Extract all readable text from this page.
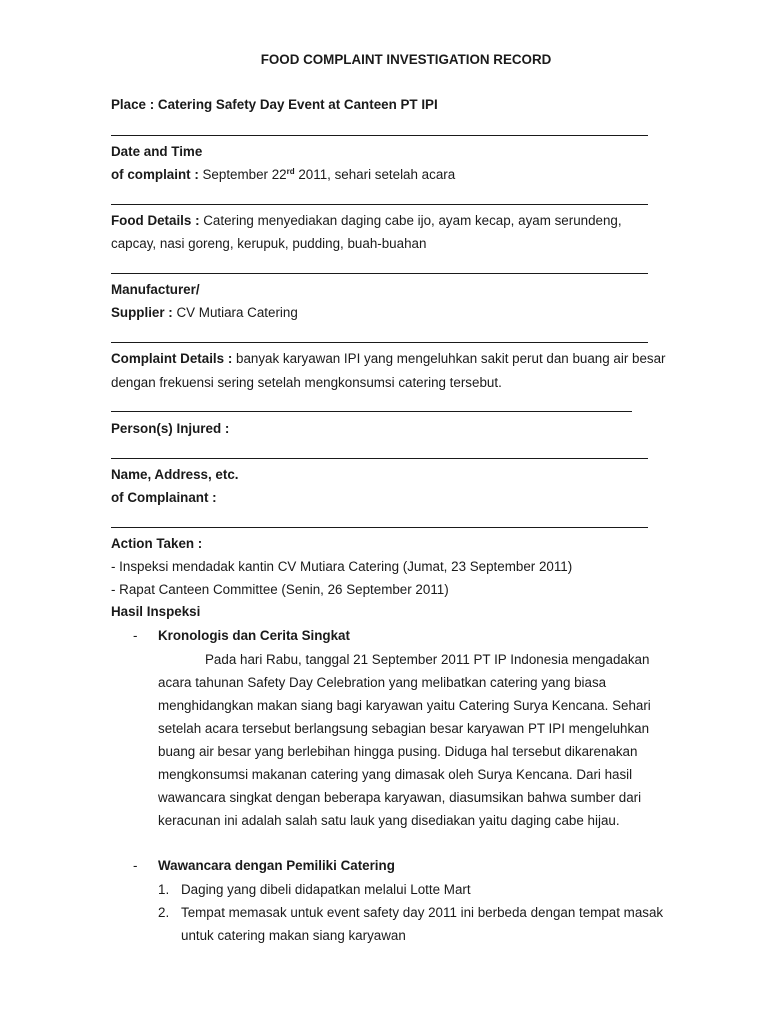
FOOD COMPLAINT INVESTIGATION RECORD
Place : Catering Safety Day Event at Canteen PT IPI
Date and Time
of complaint : September 22rd 2011, sehari setelah acara
Food Details : Catering menyediakan daging cabe ijo, ayam kecap, ayam serundeng,
capcay, nasi goreng, kerupuk, pudding, buah-buahan
Manufacturer/
Supplier : CV Mutiara Catering
Complaint Details : banyak karyawan IPI yang mengeluhkan sakit perut dan buang air besar
dengan frekuensi sering setelah mengkonsumsi catering tersebut.
Person(s) Injured :
Name, Address, etc.
of Complainant :
Action Taken :
- Inspeksi mendadak kantin CV Mutiara Catering (Jumat, 23 September 2011)
- Rapat Canteen Committee (Senin, 26 September 2011)
Hasil Inspeksi
- Kronologis dan Cerita Singkat
Pada hari Rabu, tanggal 21 September 2011 PT IP Indonesia mengadakan
acara tahunan Safety Day Celebration yang melibatkan catering yang biasa
menghidangkan makan siang bagi karyawan yaitu Catering Surya Kencana. Sehari
setelah acara tersebut berlangsung sebagian besar karyawan PT IPI mengeluhkan
buang air besar yang berlebihan hingga pusing. Diduga hal tersebut dikarenakan
mengkonsumsi makanan catering yang dimasak oleh Surya Kencana. Dari hasil
wawancara singkat dengan beberapa karyawan, diasumsikan bahwa sumber dari
keracunan ini adalah salah satu lauk yang disediakan yaitu daging cabe hijau.
- Wawancara dengan Pemiliki Catering
1. Daging yang dibeli didapatkan melalui Lotte Mart
2. Tempat memasak untuk event safety day 2011 ini berbeda dengan tempat masak
untuk catering makan siang karyawan
